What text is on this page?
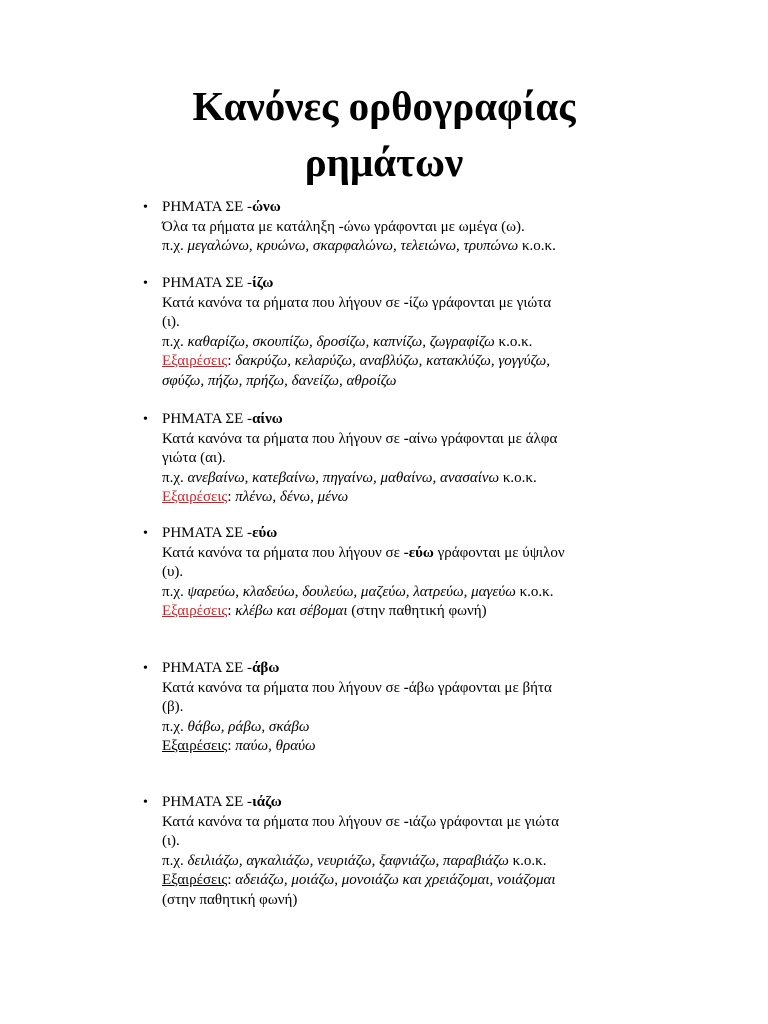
Κανόνες ορθογραφίας
ρημάτων
• ΡΗΜΑΤΑ ΣΕ -ώνω

Όλα τα ρήματα με κατάληξη -ώνω γράφονται με ωμέγα (ω).

π.χ. μεγαλώνω, κρυώνω, σκαρφαλώνω, τελειώνω, τρυπώνω κ.ο.κ.

• ΡΗΜΑΤΑ ΣΕ -ίζω

Κατά κανόνα τα ρήματα που λήγουν σε -ίζω γράφονται με γιώτα

(ι).

π.χ. καθαρίζω, σκουπίζω, δροσίζω, καπνίζω, ζωγραφίζω κ.ο.κ.

Εξαιρέσεις: δακρύζω, κελαρύζω, αναβλύζω, κατακλύζω, γογγύζω,

σφύζω, πήζω, πρήζω, δανείζω, αθροίζω

• ΡΗΜΑΤΑ ΣΕ -αίνω

Κατά κανόνα τα ρήματα που λήγουν σε -αίνω γράφονται με άλφα

γιώτα (αι).

π.χ. ανεβαίνω, κατεβαίνω, πηγαίνω, μαθαίνω, ανασαίνω κ.ο.κ.

Εξαιρέσεις: πλένω, δένω, μένω

• ΡΗΜΑΤΑ ΣΕ -εύω

Κατά κανόνα τα ρήματα που λήγουν σε -εύω γράφονται με ύψιλον

(υ).

π.χ. ψαρεύω, κλαδεύω, δουλεύω, μαζεύω, λατρεύω, μαγεύω κ.ο.κ.

Εξαιρέσεις: κλέβω και σέβομαι (στην παθητική φωνή)

• ΡΗΜΑΤΑ ΣΕ -άβω

Κατά κανόνα τα ρήματα που λήγουν σε -άβω γράφονται με βήτα

(β).

π.χ. θάβω, ράβω, σκάβω

Εξαιρέσεις: παύω, θραύω

• ΡΗΜΑΤΑ ΣΕ -ιάζω

Κατά κανόνα τα ρήματα που λήγουν σε -ιάζω γράφονται με γιώτα

(ι).

π.χ. δειλιάζω, αγκαλιάζω, νευριάζω, ξαφνιάζω, παραβιάζω κ.ο.κ.

Εξαιρέσεις: αδειάζω, μοιάζω, μονοιάζω και χρειάζομαι, νοιάζομαι

(στην παθητική φωνή)
